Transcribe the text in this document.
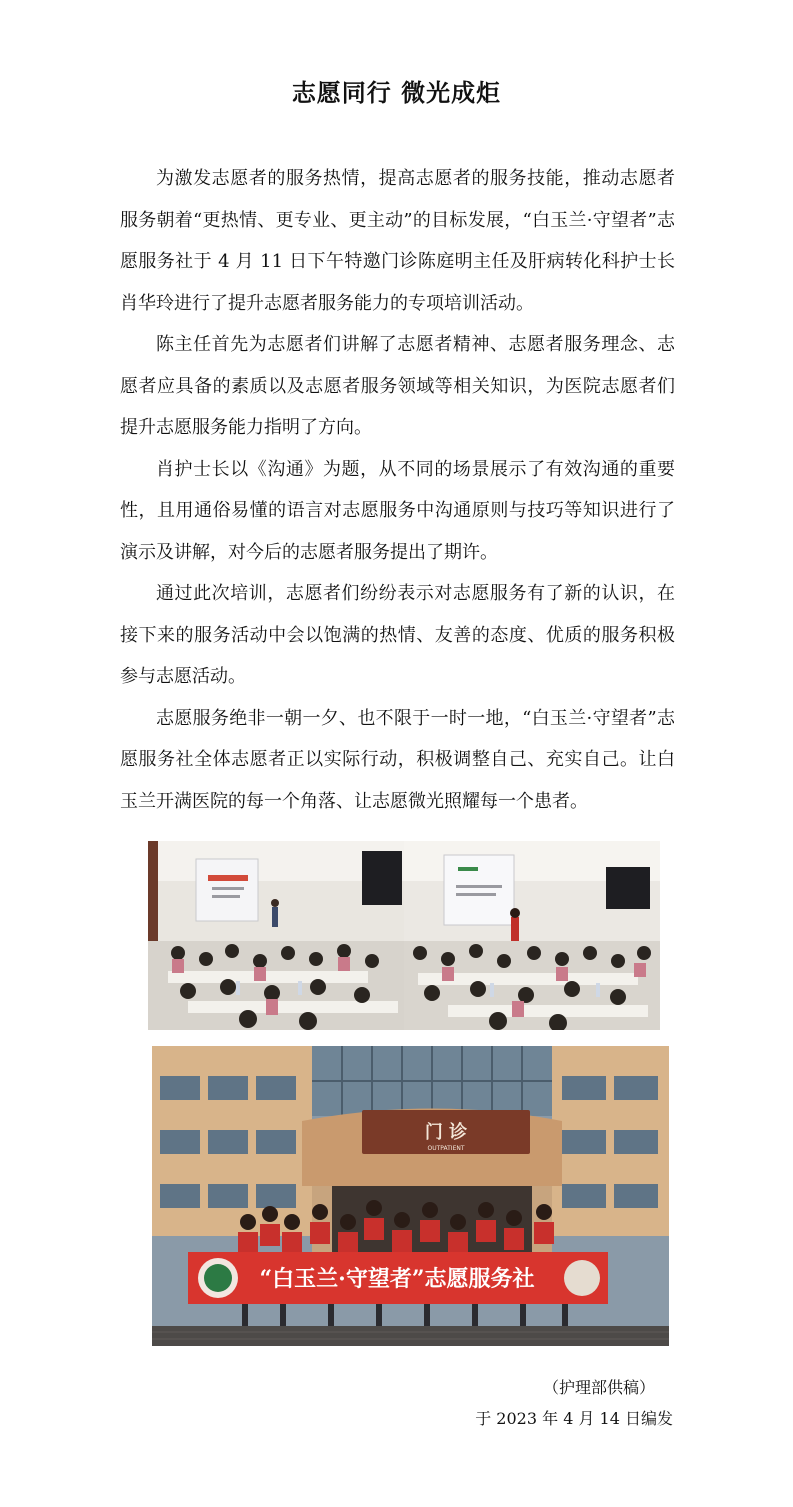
志愿同行 微光成炬

为激发志愿者的服务热情，提高志愿者的服务技能，推动志愿者服务朝着“更热情、更专业、更主动”的目标发展，“白玉兰·守望者”志愿服务社于 4 月 11 日下午特邀门诊陈庭明主任及肝病转化科护士长肖华玲进行了提升志愿者服务能力的专项培训活动。

陈主任首先为志愿者们讲解了志愿者精神、志愿者服务理念、志愿者应具备的素质以及志愿者服务领域等相关知识，为医院志愿者们提升志愿服务能力指明了方向。

肖护士长以《沟通》为题，从不同的场景展示了有效沟通的重要性，且用通俗易懂的语言对志愿服务中沟通原则与技巧等知识进行了演示及讲解，对今后的志愿者服务提出了期许。

通过此次培训，志愿者们纷纷表示对志愿服务有了新的认识，在接下来的服务活动中会以饱满的热情、友善的态度、优质的服务积极参与志愿活动。

志愿服务绝非一朝一夕、也不限于一时一地，“白玉兰·守望者”志愿服务社全体志愿者正以实际行动，积极调整自己、充实自己。让白玉兰开满医院的每一个角落、让志愿微光照耀每一个患者。

门 诊
OUTPATIENT
“白玉兰·守望者”志愿服务社
（护理部供稿）
于 2023 年 4 月 14 日编发
